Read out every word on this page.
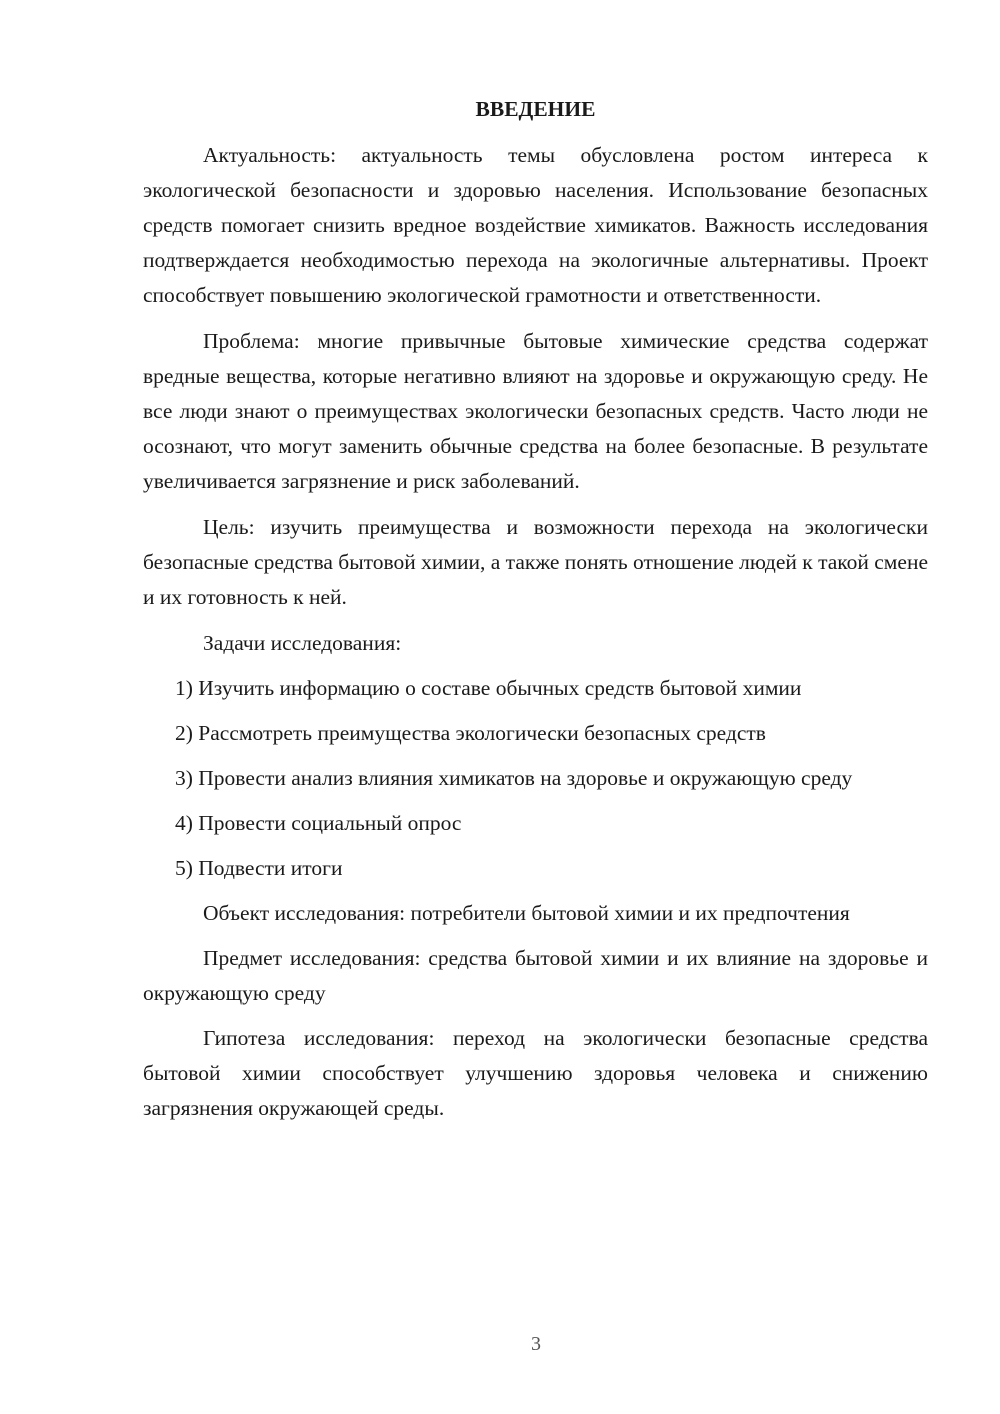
ВВЕДЕНИЕ

Актуальность: актуальность темы обусловлена ростом интереса к экологической безопасности и здоровью населения. Использование безопасных средств помогает снизить вредное воздействие химикатов. Важность исследования подтверждается необходимостью перехода на экологичные альтернативы. Проект способствует повышению экологической грамотности и ответственности.

Проблема: многие привычные бытовые химические средства содержат вредные вещества, которые негативно влияют на здоровье и окружающую среду. Не все люди знают о преимуществах экологически безопасных средств. Часто люди не осознают, что могут заменить обычные средства на более безопасные. В результате увеличивается загрязнение и риск заболеваний.

Цель: изучить преимущества и возможности перехода на экологически безопасные средства бытовой химии, а также понять отношение людей к такой смене и их готовность к ней.

Задачи исследования:

1) Изучить информацию о составе обычных средств бытовой химии

2) Рассмотреть преимущества экологически безопасных средств

3) Провести анализ влияния химикатов на здоровье и окружающую среду

4) Провести социальный опрос

5) Подвести итоги

Объект исследования: потребители бытовой химии и их предпочтения

Предмет исследования: средства бытовой химии и их влияние на здоровье и окружающую среду

Гипотеза исследования: переход на экологически безопасные средства бытовой химии способствует улучшению здоровья человека и снижению загрязнения окружающей среды.

3
